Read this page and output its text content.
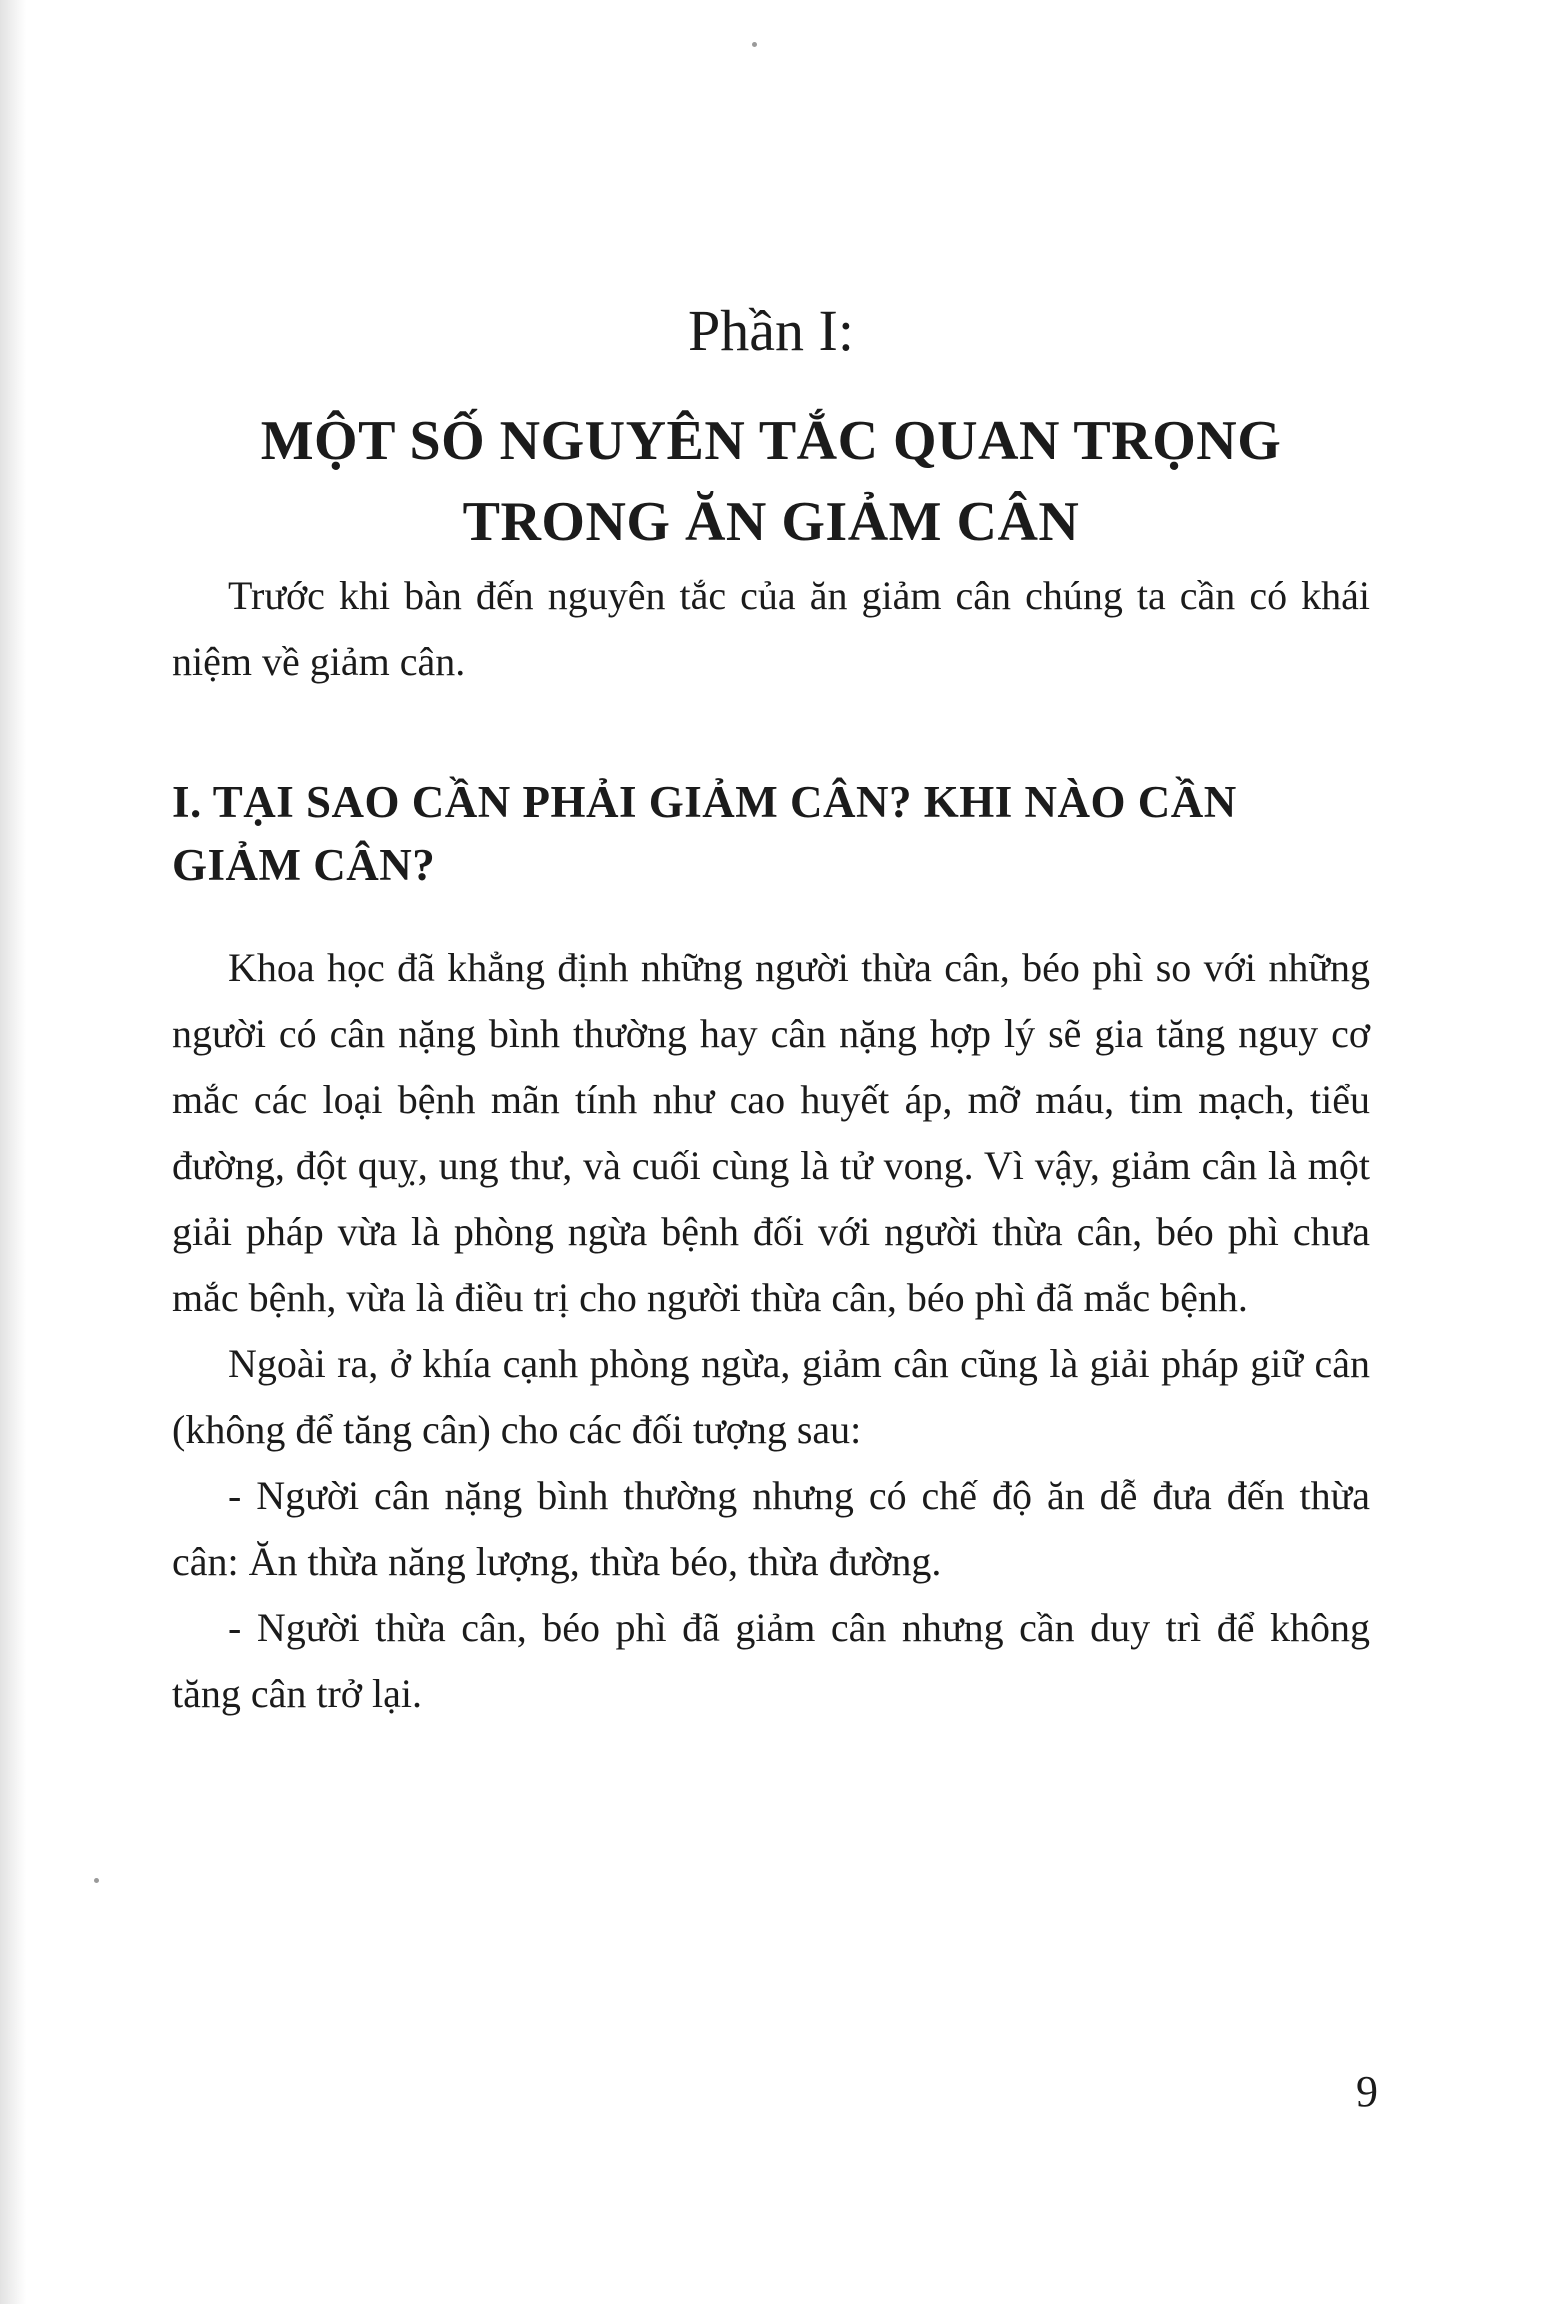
Phần I:
MỘT SỐ NGUYÊN TẮC QUAN TRỌNG
TRONG ĂN GIẢM CÂN

Trước khi bàn đến nguyên tắc của ăn giảm cân chúng ta cần có khái niệm về giảm cân.

I. TẠI SAO CẦN PHẢI GIẢM CÂN? KHI NÀO CẦN GIẢM CÂN?

Khoa học đã khẳng định những người thừa cân, béo phì so với những người có cân nặng bình thường hay cân nặng hợp lý sẽ gia tăng nguy cơ mắc các loại bệnh mãn tính như cao huyết áp, mỡ máu, tim mạch, tiểu đường, đột quỵ, ung thư, và cuối cùng là tử vong. Vì vậy, giảm cân là một giải pháp vừa là phòng ngừa bệnh đối với người thừa cân, béo phì chưa mắc bệnh, vừa là điều trị cho người thừa cân, béo phì đã mắc bệnh.

Ngoài ra, ở khía cạnh phòng ngừa, giảm cân cũng là giải pháp giữ cân (không để tăng cân) cho các đối tượng sau:

- Người cân nặng bình thường nhưng có chế độ ăn dễ đưa đến thừa cân: Ăn thừa năng lượng, thừa béo, thừa đường.

- Người thừa cân, béo phì đã giảm cân nhưng cần duy trì để không tăng cân trở lại.

9
